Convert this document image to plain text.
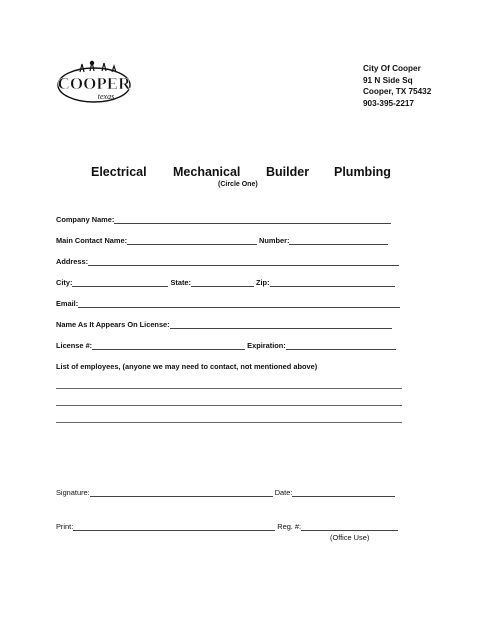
COOPER
texas
City Of Cooper
91 N Side Sq
Cooper, TX 75432
903-395-2217
Electrical Mechanical Builder Plumbing
(Circle One)
Company Name:
Main Contact Name:	Number:
Address:
City:	State:	Zip:
Email:
Name As It Appears On License:
License #:	Expiration:
List of employees, (anyone we may need to contact, not mentioned above)
Signature:	Date:
Print:	Reg. #:
(Office Use)
